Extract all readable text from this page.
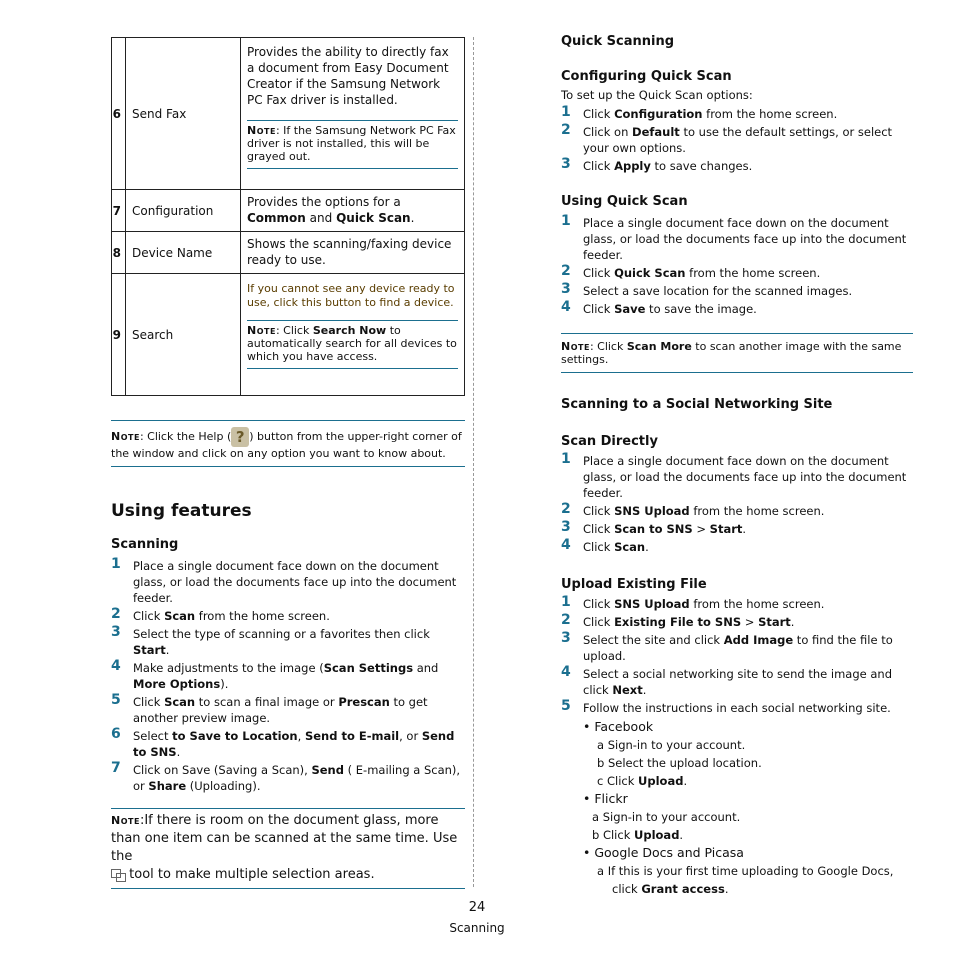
6	Send Fax	Provides the ability to directly fax a document from Easy Document Creator if the Samsung Network PC Fax driver is installed.
Note: If the Samsung Network PC Fax driver is not installed, this will be grayed out.

7	Configuration	Provides the options for a Common and Quick Scan.
8	Device Name	Shows the scanning/faxing device ready to use.
9	Search	If you cannot see any device ready to use, click this button to find a device.
Note: Click Search Now to automatically search for all devices to which you have access.
Note: Click the Help ( ? ) button from the upper-right corner of the window and click on any option you want to know about.
Using features
Scanning
1 Place a single document face down on the document glass, or load the documents face up into the document feeder.
2 Click Scan from the home screen.
3 Select the type of scanning or a favorites then click Start.
4 Make adjustments to the image (Scan Settings and More Options).
5 Click Scan to scan a final image or Prescan to get another preview image.
6 Select to Save to Location, Send to E-mail, or Send to SNS.
7 Click on Save (Saving a Scan), Send ( E-mailing a Scan), or Share (Uploading).
Note:If there is room on the document glass, more than one item can be scanned at the same time. Use the
tool to make multiple selection areas.
Quick Scanning
Configuring Quick Scan
To set up the Quick Scan options:
1 Click Configuration from the home screen.
2 Click on Default to use the default settings, or select your own options.
3 Click Apply to save changes.
Using Quick Scan
1 Place a single document face down on the document glass, or load the documents face up into the document feeder.
2 Click Quick Scan from the home screen.
3 Select a save location for the scanned images.
4 Click Save to save the image.
Note: Click Scan More to scan another image with the same settings.
Scanning to a Social Networking Site
Scan Directly
1 Place a single document face down on the document glass, or load the documents face up into the document feeder.
2 Click SNS Upload from the home screen.
3 Click Scan to SNS > Start.
4 Click Scan.
Upload Existing File
1 Click SNS Upload from the home screen.
2 Click Existing File to SNS > Start.
3 Select the site and click Add Image to find the file to upload.
4 Select a social networking site to send the image and click Next.
5 Follow the instructions in each social networking site.
• Facebook
a Sign-in to your account.
b Select the upload location.
c Click Upload.
• Flickr
a Sign-in to your account.
b Click Upload.
• Google Docs and Picasa
a If this is your first time uploading to Google Docs,
click Grant access.
24
Scanning
